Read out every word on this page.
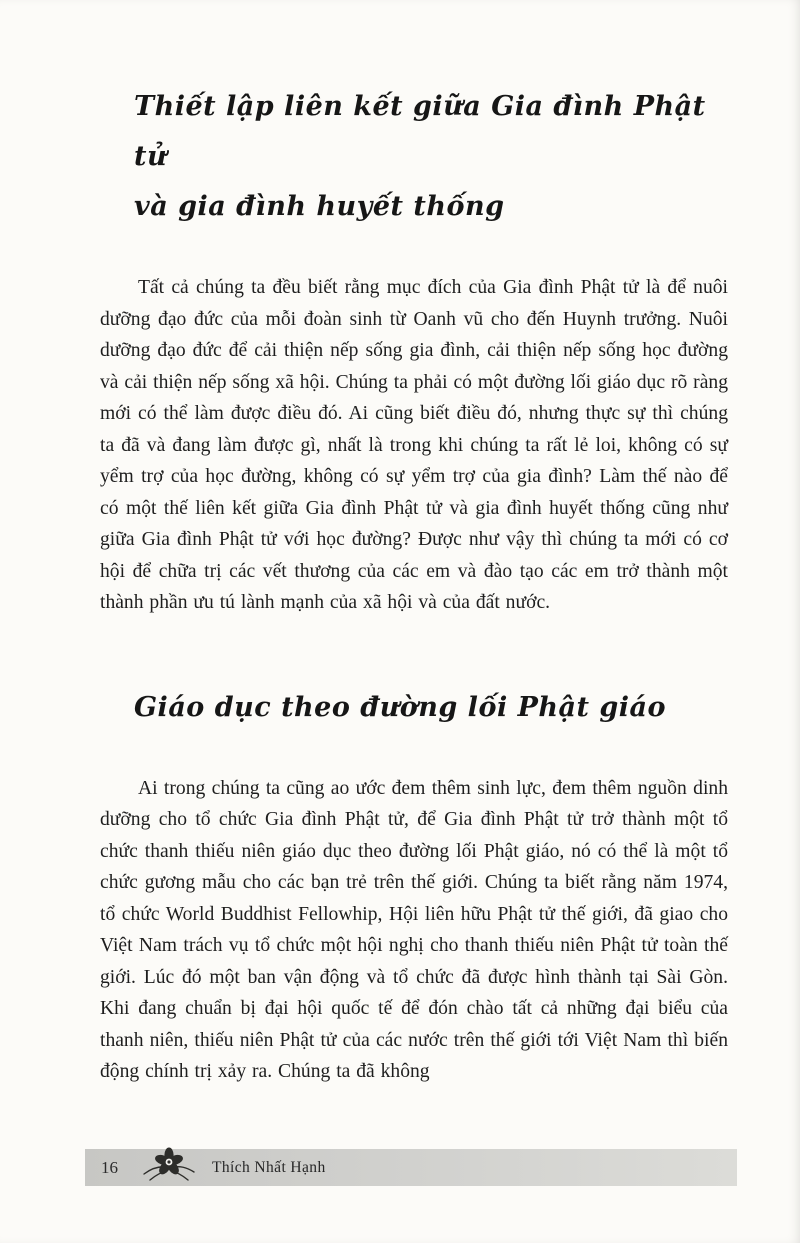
Thiết lập liên kết giữa Gia đình Phật tử
và gia đình huyết thống

Tất cả chúng ta đều biết rằng mục đích của Gia đình Phật tử là để nuôi dưỡng đạo đức của mỗi đoàn sinh từ Oanh vũ cho đến Huynh trưởng. Nuôi dưỡng đạo đức để cải thiện nếp sống gia đình, cải thiện nếp sống học đường và cải thiện nếp sống xã hội. Chúng ta phải có một đường lối giáo dục rõ ràng mới có thể làm được điều đó. Ai cũng biết điều đó, nhưng thực sự thì chúng ta đã và đang làm được gì, nhất là trong khi chúng ta rất lẻ loi, không có sự yểm trợ của học đường, không có sự yểm trợ của gia đình? Làm thế nào để có một thế liên kết giữa Gia đình Phật tử và gia đình huyết thống cũng như giữa Gia đình Phật tử với học đường? Được như vậy thì chúng ta mới có cơ hội để chữa trị các vết thương của các em và đào tạo các em trở thành một thành phần ưu tú lành mạnh của xã hội và của đất nước.

Giáo dục theo đường lối Phật giáo

Ai trong chúng ta cũng ao ước đem thêm sinh lực, đem thêm nguồn dinh dưỡng cho tổ chức Gia đình Phật tử, để Gia đình Phật tử trở thành một tổ chức thanh thiếu niên giáo dục theo đường lối Phật giáo, nó có thể là một tổ chức gương mẫu cho các bạn trẻ trên thế giới. Chúng ta biết rằng năm 1974, tổ chức World Buddhist Fellowhip, Hội liên hữu Phật tử thế giới, đã giao cho Việt Nam trách vụ tổ chức một hội nghị cho thanh thiếu niên Phật tử toàn thế giới. Lúc đó một ban vận động và tổ chức đã được hình thành tại Sài Gòn. Khi đang chuẩn bị đại hội quốc tế để đón chào tất cả những đại biểu của thanh niên, thiếu niên Phật tử của các nước trên thế giới tới Việt Nam thì biến động chính trị xảy ra. Chúng ta đã không

16	Thích Nhất Hạnh
